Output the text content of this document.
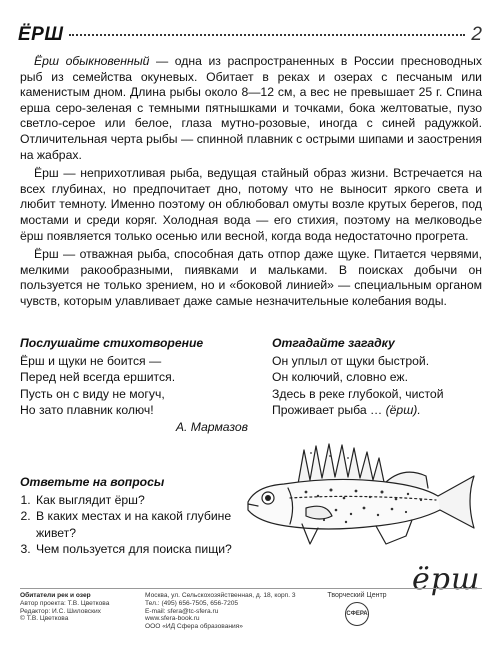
ЁРШ	2

Ёрш обыкновенный — одна из распространенных в России пресноводных рыб из семейства окуневых. Обитает в реках и озерах с песчаным или каменистым дном. Длина рыбы около 8—12 см, а вес не превышает 25 г. Спина ерша серо-зеленая с темными пятнышками и точками, бока желтоватые, пузо светло-серое или белое, глаза мутно-розовые, иногда с синей радужкой. Отличительная черта рыбы — спинной плавник с острыми шипами и заострения на жабрах.

Ёрш — неприхотливая рыба, ведущая стайный образ жизни. Встречается на всех глубинах, но предпочитает дно, потому что не выносит яркого света и любит темноту. Именно поэтому он облюбовал омуты возле крутых берегов, под мостами и среди коряг. Холодная вода — его стихия, поэтому на мелководье ёрш появляется только осенью или весной, когда вода недостаточно прогрета.

Ёрш — отважная рыба, способная дать отпор даже щуке. Питается червями, мелкими ракообразными, пиявками и мальками. В поисках добычи он пользуется не только зрением, но и «боковой линией» — специальным органом чувств, которым улавливает даже самые незначительные колебания воды.

Послушайте стихотворение
Ёрш и щуки не боится —
Перед ней всегда ершится.
Пусть он с виду не могуч,
Но зато плавник колюч!
А. Мармазов
Отгадайте загадку
Он уплыл от щуки быстрой.
Он колючий, словно еж.
Здесь в реке глубокой, чистой
Проживает рыба … (ёрш).
Ответьте на вопросы
1. Как выглядит ёрш?
2. В каких местах и на какой глубине живет?
3. Чем пользуется для поиска пищи?
ёрш
Обитатели рек и озер
Автор проекта: Т.В. Цветкова
Редактор: И.С. Шиловских
© Т.В. Цветкова
Москва, ул. Сельскохозяйственная, д. 18, корп. 3
Тел.: (495) 656-7505, 656-7205
E-mail: sfera@tc-sfera.ru
www.sfera-book.ru
ООО «ИД Сфера образования»
Творческий Центр
СФЕРА
